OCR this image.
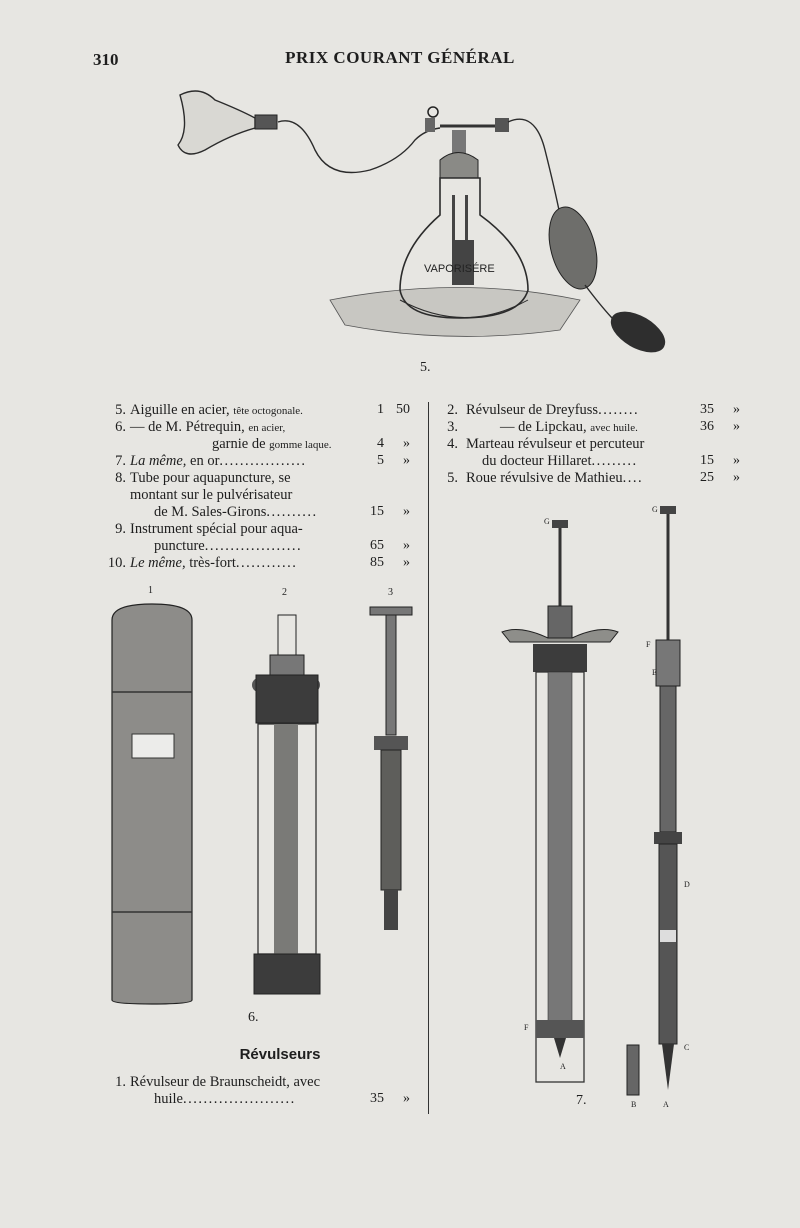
310	PRIX COURANT GÉNÉRAL
5.
VAPORISÉRE
1	2	3
6.
7.
G
G
F
E
F
D
C
B
A
A
5. Aiguille en acier, tête octogonale.	1 50
6. — de M. Pétrequin, en acier,
garnie de gomme laque.	4 »
7. La même, en or.................	5 »
8. Tube pour aquapuncture, se
montant sur le pulvérisateur
de M. Sales-Girons..........	15 »
9. Instrument spécial pour aqua-
puncture...................	65 »
10. Le même, très-fort............	85 »
2. Révulseur de Dreyfuss........	35 »
3.	— de Lipckau, avec huile.	36 »
4. Marteau révulseur et percuteur
du docteur Hillaret.........	15 »
5. Roue révulsive de Mathieu....	25 »
Révulseurs
1. Révulseur de Braunscheidt, avec
huile......................	35 »
